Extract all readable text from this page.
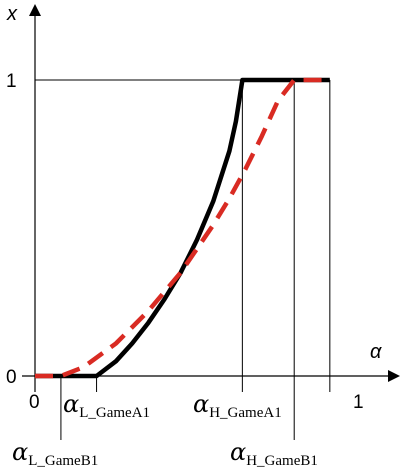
x
α
0
1
0	1
αL_GameA1 αH_GameA1
αL_GameB1	αH_GameB1
